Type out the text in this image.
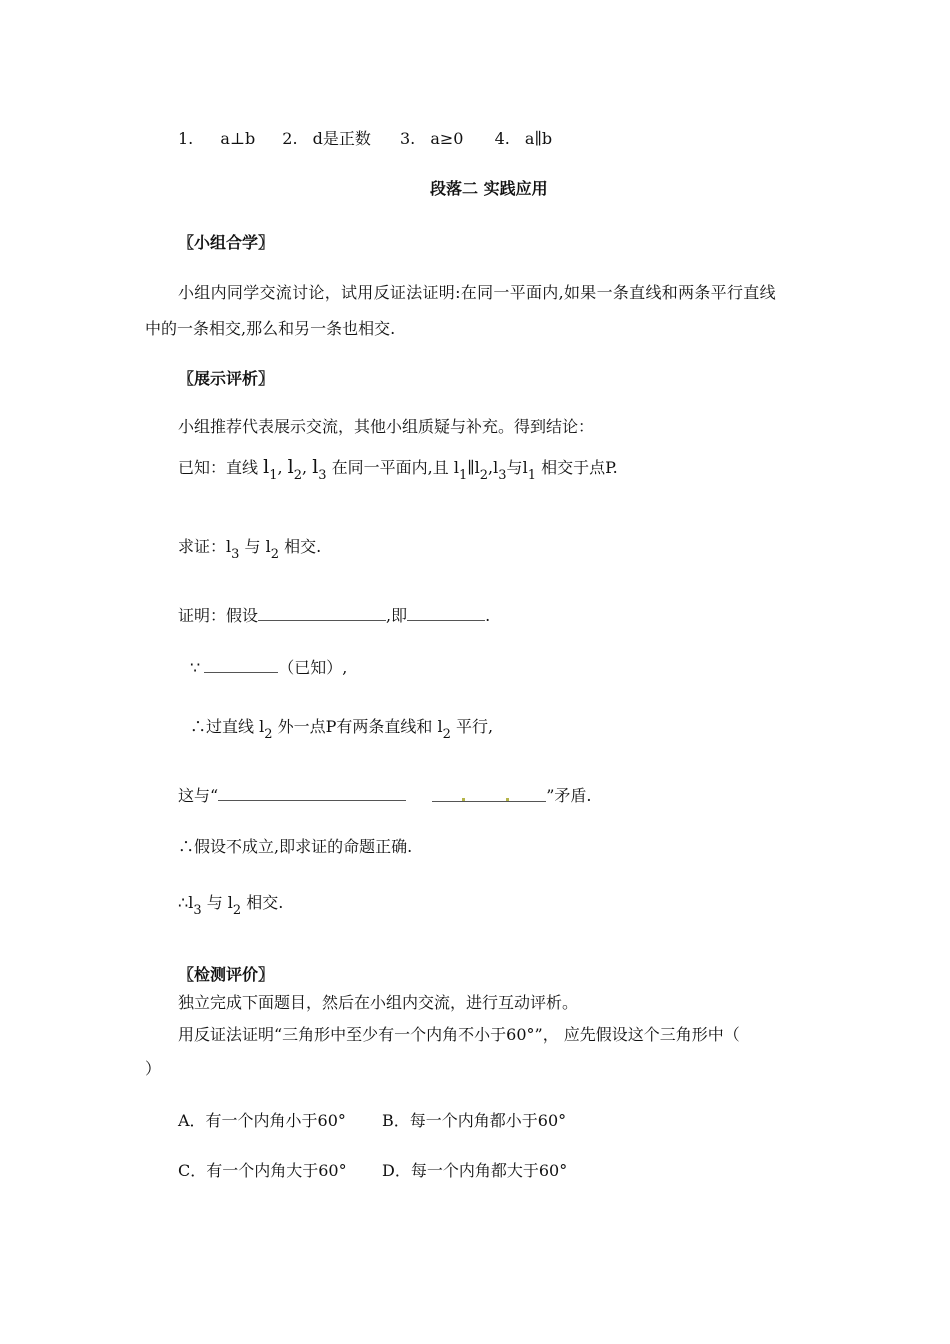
1. a⊥b 2. d是正数 3. a≥0 4. a∥b
段落二 实践应用
〖小组合学〗
小组内同学交流讨论，试用反证法证明:在同一平面内,如果一条直线和两条平行直线
中的一条相交,那么和另一条也相交.
〖展示评析〗
小组推荐代表展示交流，其他小组质疑与补充。得到结论：
已知：直线 $l_1$, $l_2$, $l_3$ 在同一平面内,且 $l_1\parallel l_2,l_3$与$l_1$ 相交于点P.
求证：$l_3$ 与 $l_2$ 相交.
证明：假设	,即	.
∵	（已知）,
∴过直线 $l_2$ 外一点P有两条直线和 $l_2$ 平行,
这与“	”矛盾.
∴假设不成立,即求证的命题正确.
$\therefore l_3$ 与 $l_2$ 相交.
〖检测评价〗
独立完成下面题目，然后在小组内交流，进行互动评析。
用反证法证明“三角形中至少有一个内角不小于60°”， 应先假设这个三角形中（
）
A．有一个内角小于60° B．每一个内角都小于60°
C．有一个内角大于60° D．每一个内角都大于60°
